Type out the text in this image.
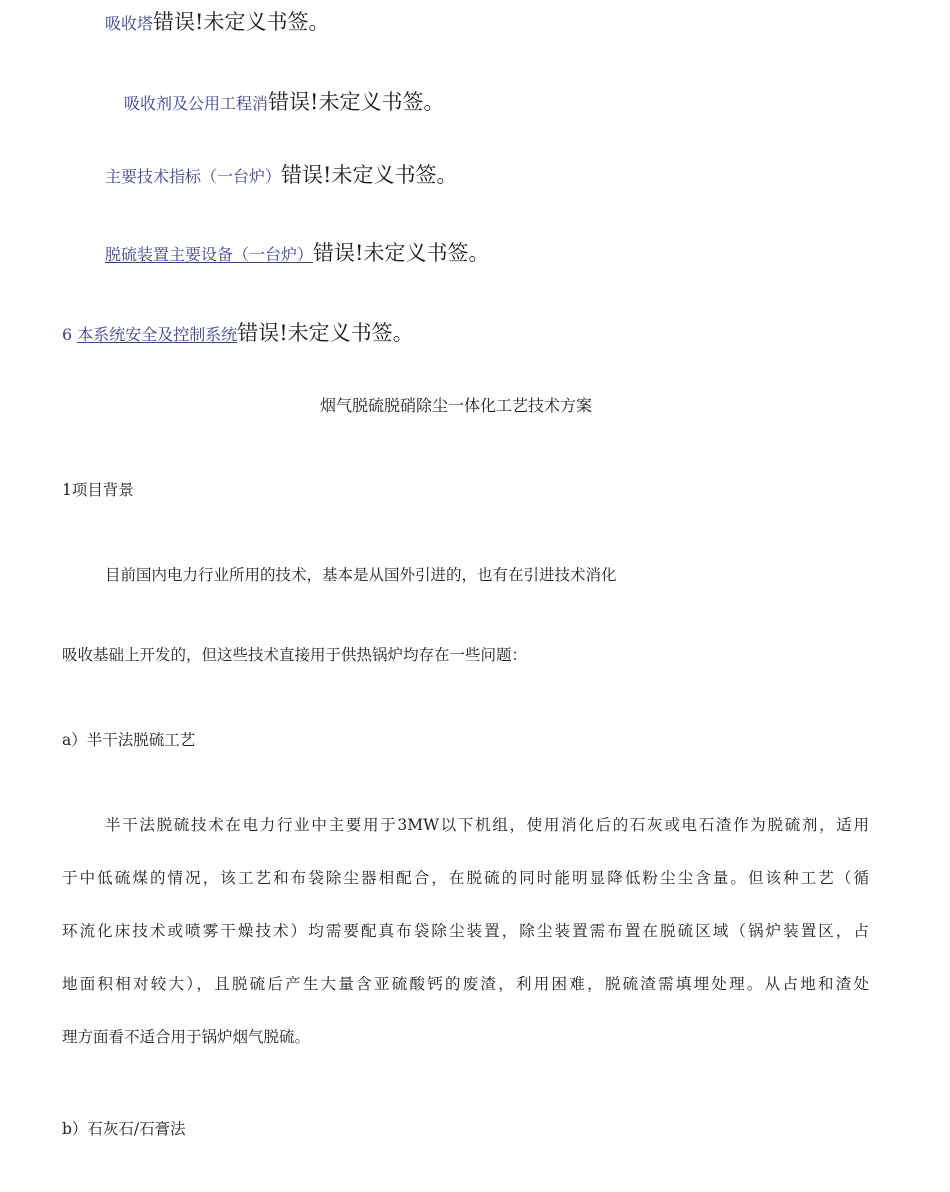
吸收塔错误!未定义书签。
吸收剂及公用工程消错误!未定义书签。
主要技术指标（一台炉）错误!未定义书签。
脱硫装置主要设备（一台炉）错误!未定义书签。
6 本系统安全及控制系统错误!未定义书签。
烟气脱硫脱硝除尘一体化工艺技术方案
1项目背景
目前国内电力行业所用的技术，基本是从国外引进的，也有在引进技术消化
吸收基础上开发的，但这些技术直接用于供热锅炉均存在一些问题：
a）半干法脱硫工艺
半干法脱硫技术在电力行业中主要用于3MW以下机组，使用消化后的石灰或电石渣作为脱硫剂，适用
于中低硫煤的情况，该工艺和布袋除尘器相配合，在脱硫的同时能明显降低粉尘尘含量。但该种工艺（循
环流化床技术或喷雾干燥技术）均需要配真布袋除尘装置，除尘装置需布置在脱硫区域（锅炉装置区，占
地面积相对较大），且脱硫后产生大量含亚硫酸钙的废渣，利用困难，脱硫渣需填埋处理。从占地和渣处
理方面看不适合用于锅炉烟气脱硫。
b）石灰石/石膏法
